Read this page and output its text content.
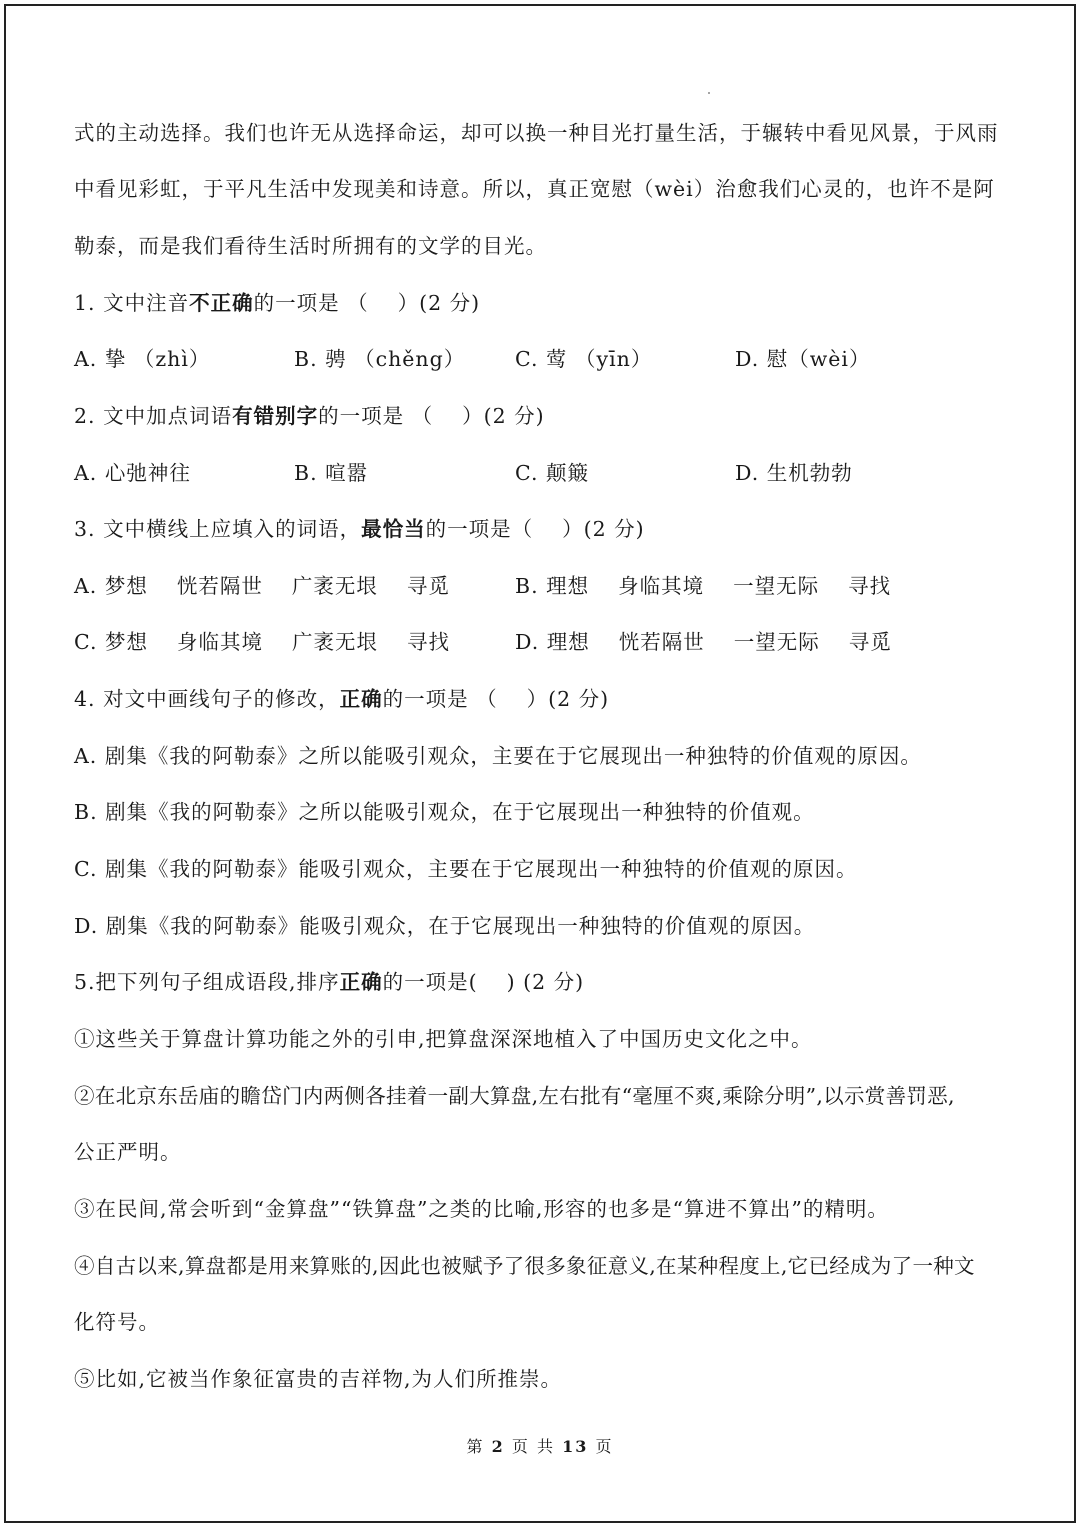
式的主动选择。我们也许无从选择命运，却可以换一种目光打量生活，于辗转中看见风景，于风雨
中看见彩虹，于平凡生活中发现美和诗意。所以，真正宽慰（wèi）治愈我们心灵的，也许不是阿
勒泰，而是我们看待生活时所拥有的文学的目光。
1. 文中注音不正确的一项是 （　 ）(2 分)
A. 挚 （zhì）	B. 骋 （chěng） C. 莺 （yīn）	D. 慰（wèi）
2. 文中加点词语有错别字的一项是 （　 ）(2 分)
A. 心弛神往	B. 喧嚣	C. 颠簸	D. 生机勃勃
3. 文中横线上应填入的词语，最恰当的一项是（　 ）(2 分)
A. 梦想　 恍若隔世　 广袤无垠　 寻觅	B. 理想　 身临其境　 一望无际　 寻找
C. 梦想　 身临其境　 广袤无垠　 寻找	D. 理想　 恍若隔世　 一望无际　 寻觅
4. 对文中画线句子的修改，正确的一项是 （　 ）(2 分)
A. 剧集《我的阿勒泰》之所以能吸引观众，主要在于它展现出一种独特的价值观的原因。
B. 剧集《我的阿勒泰》之所以能吸引观众，在于它展现出一种独特的价值观。
C. 剧集《我的阿勒泰》能吸引观众，主要在于它展现出一种独特的价值观的原因。
D. 剧集《我的阿勒泰》能吸引观众，在于它展现出一种独特的价值观的原因。
5.把下列句子组成语段,排序正确的一项是(　 ) (2 分)
①这些关于算盘计算功能之外的引申,把算盘深深地植入了中国历史文化之中。
②在北京东岳庙的瞻岱门内两侧各挂着一副大算盘,左右批有“毫厘不爽,乘除分明”,以示赏善罚恶,
公正严明。
③在民间,常会听到“金算盘”“铁算盘”之类的比喻,形容的也多是“算进不算出”的精明。
④自古以来,算盘都是用来算账的,因此也被赋予了很多象征意义,在某种程度上,它已经成为了一种文
化符号。
⑤比如,它被当作象征富贵的吉祥物,为人们所推崇。
第 2 页 共 13 页
